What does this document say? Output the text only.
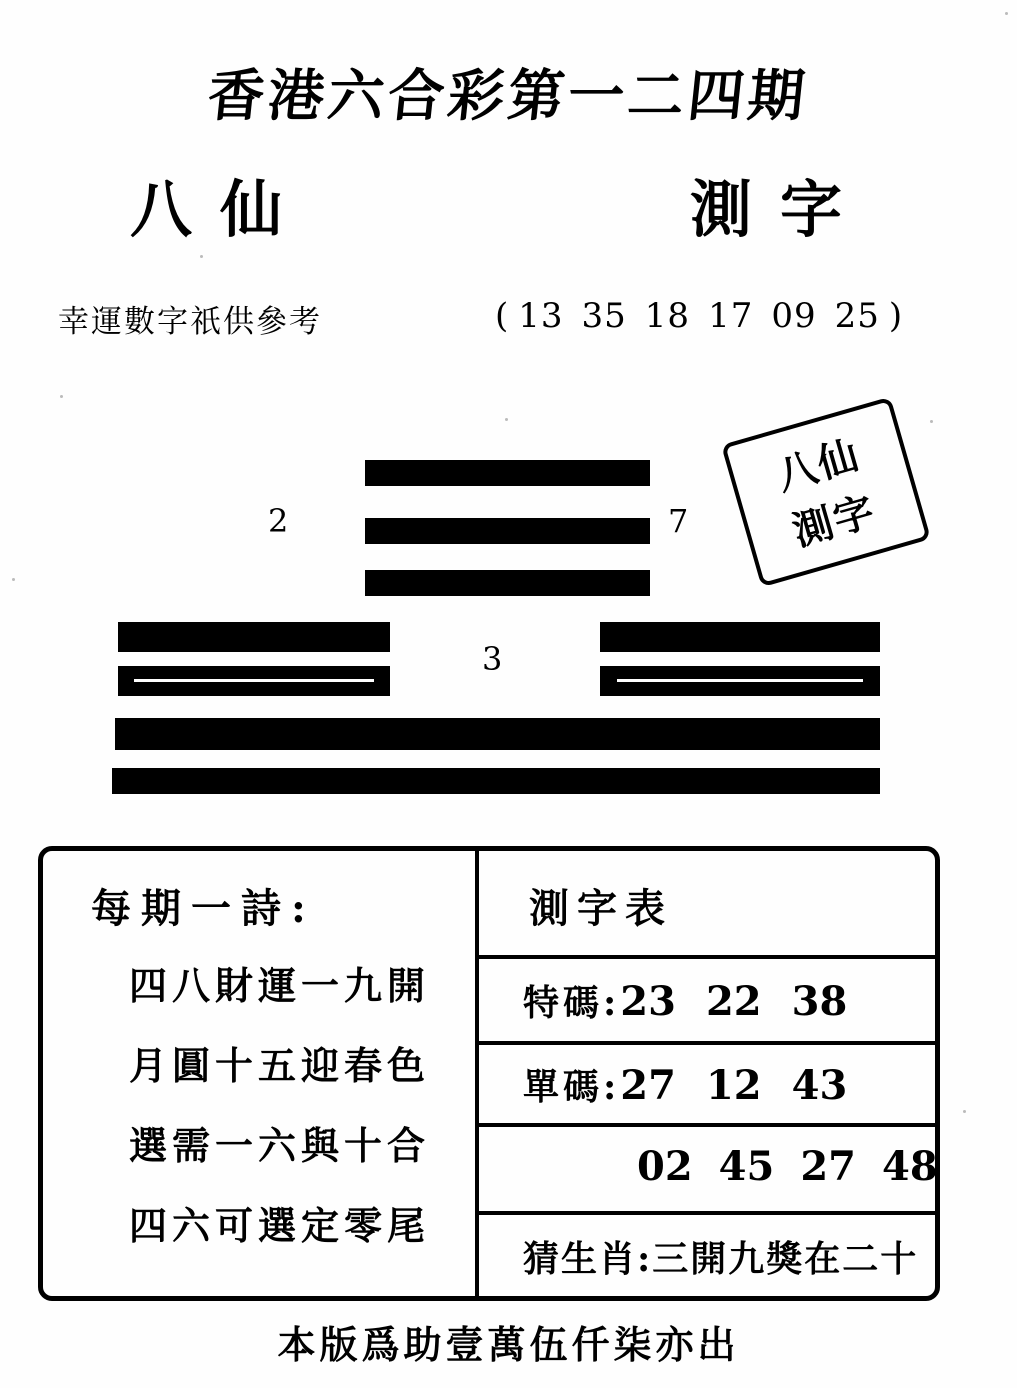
香港六合彩第一二四期
八仙	測字
幸運數字祇供參考	( 13 35 18 17 09 25 )
2	7
3
八仙
測字
每期一詩:
四八財運一九開
月圓十五迎春色
選需一六與十合
四六可選定零尾
測字表
特碼:23 22 38
單碼:27 12 43
02 45 27 48
猜生肖:三開九獎在二十
本版爲助壹萬伍仟柒亦出
